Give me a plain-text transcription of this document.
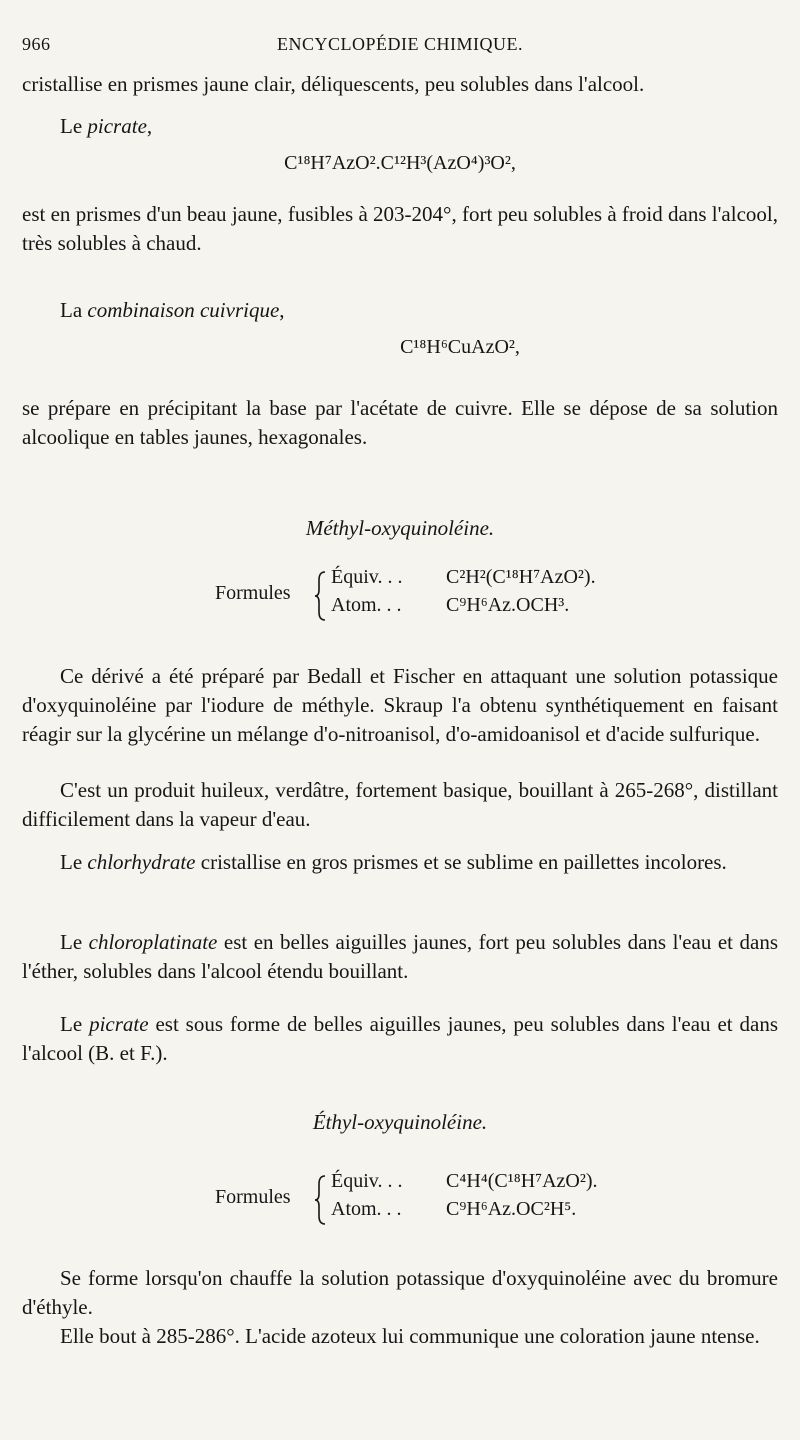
966	ENCYCLOPÉDIE CHIMIQUE.

cristallise en prismes jaune clair, déliquescents, peu solubles dans l'alcool.

Le picrate,

C¹⁸H⁷AzO².C¹²H³(AzO⁴)³O²,

est en prismes d'un beau jaune, fusibles à 203-204°, fort peu solubles à froid dans l'alcool, très solubles à chaud.

La combinaison cuivrique,

C¹⁸H⁶CuAzO²,

se prépare en précipitant la base par l'acétate de cuivre. Elle se dépose de sa solution alcoolique en tables jaunes, hexagonales.

Méthyl-oxyquinoléine.

Formules
Équiv. . . C²H²(C¹⁸H⁷AzO²).
Atom. . . C⁹H⁶Az.OCH³.

Ce dérivé a été préparé par Bedall et Fischer en attaquant une solution potassique d'oxyquinoléine par l'iodure de méthyle. Skraup l'a obtenu synthétiquement en faisant réagir sur la glycérine un mélange d'o-nitroanisol, d'o-amidoanisol et d'acide sulfurique.

C'est un produit huileux, verdâtre, fortement basique, bouillant à 265-268°, distillant difficilement dans la vapeur d'eau.

Le chlorhydrate cristallise en gros prismes et se sublime en paillettes incolores.

Le chloroplatinate est en belles aiguilles jaunes, fort peu solubles dans l'eau et dans l'éther, solubles dans l'alcool étendu bouillant.

Le picrate est sous forme de belles aiguilles jaunes, peu solubles dans l'eau et dans l'alcool (B. et F.).

Éthyl-oxyquinoléine.

Formules
Équiv. . . C⁴H⁴(C¹⁸H⁷AzO²).
Atom. . . C⁹H⁶Az.OC²H⁵.

Se forme lorsqu'on chauffe la solution potassique d'oxyquinoléine avec du bromure d'éthyle.

Elle bout à 285-286°. L'acide azoteux lui communique une coloration jaune ntense.
